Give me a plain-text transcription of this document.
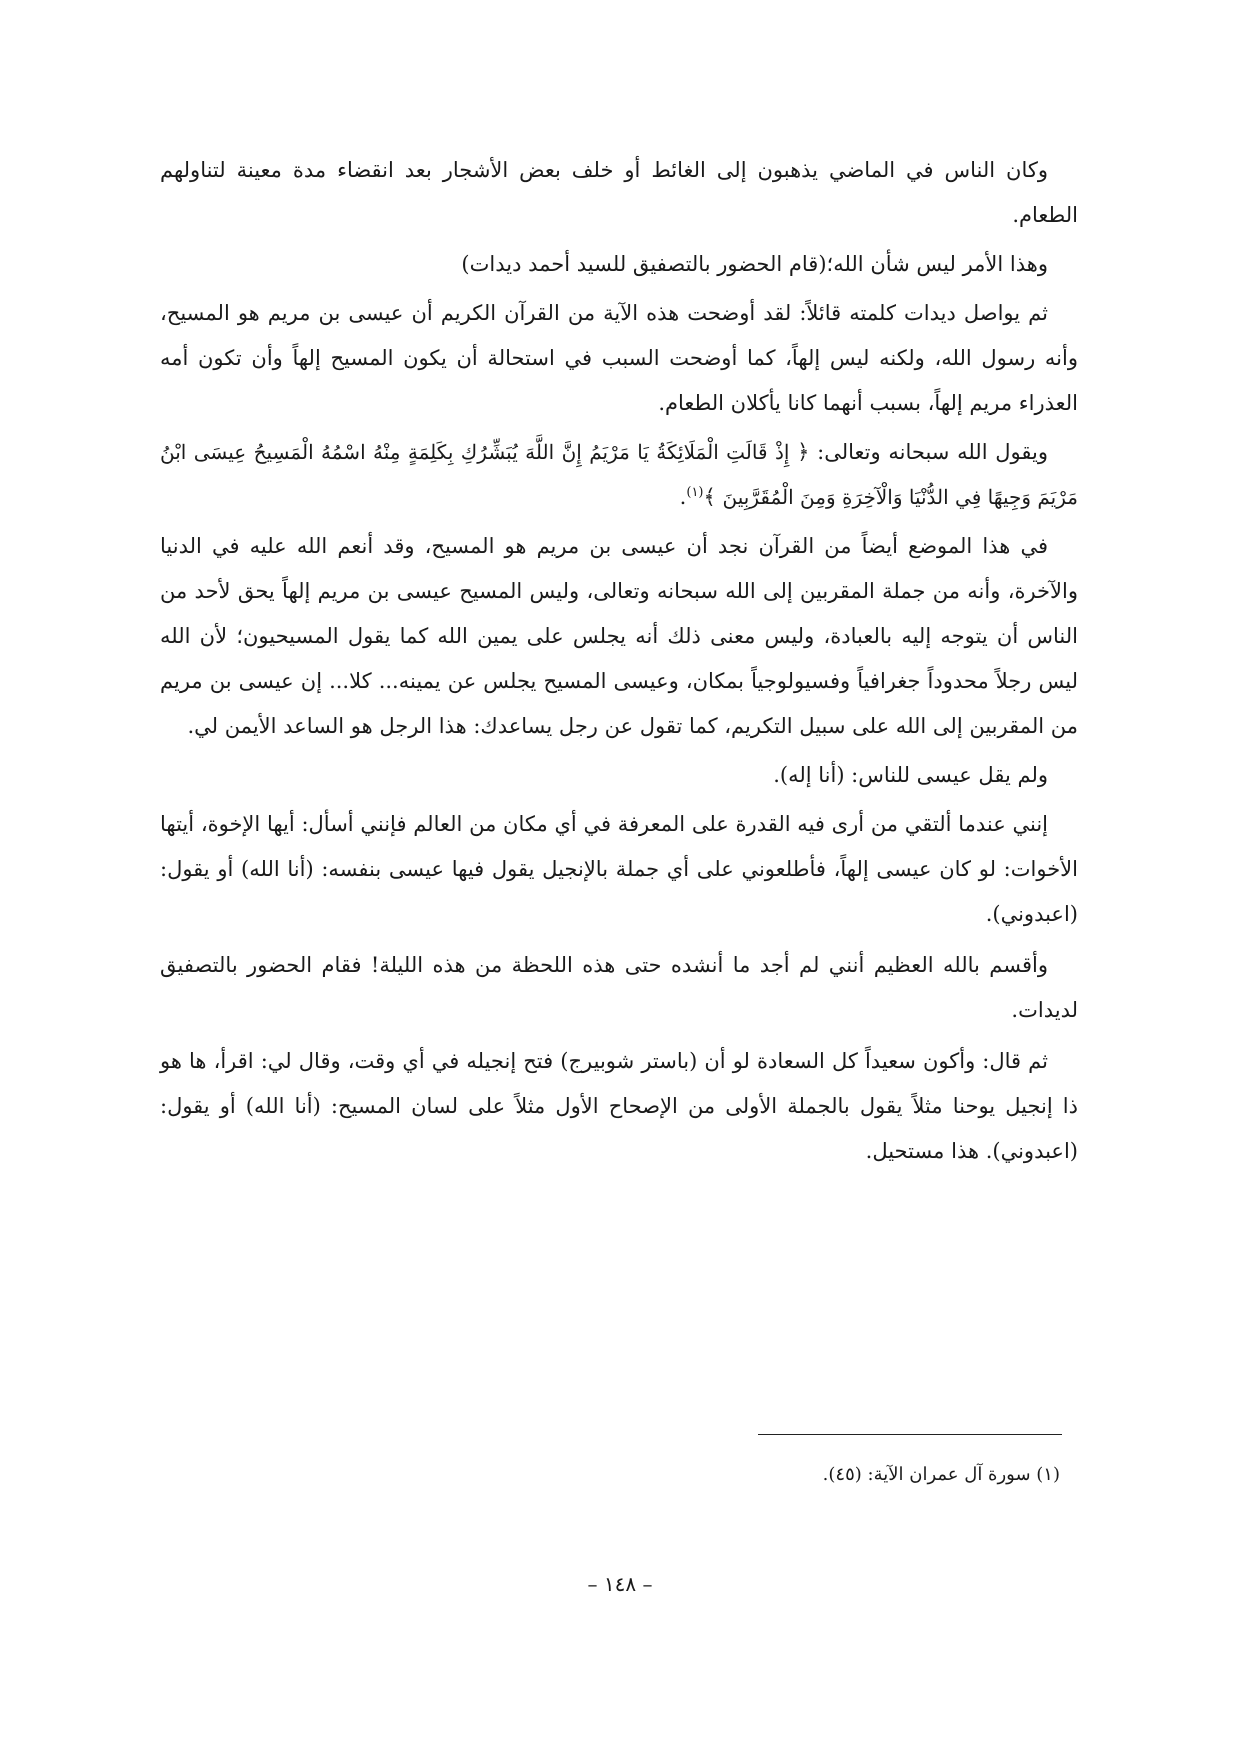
وكان الناس في الماضي يذهبون إلى الغائط أو خلف بعض الأشجار بعد انقضاء مدة معينة لتناولهم الطعام.

وهذا الأمر ليس شأن الله؛(قام الحضور بالتصفيق للسيد أحمد ديدات)

ثم يواصل ديدات كلمته قائلاً: لقد أوضحت هذه الآية من القرآن الكريم أن عيسى بن مريم هو المسيح، وأنه رسول الله، ولكنه ليس إلهاً، كما أوضحت السبب في استحالة أن يكون المسيح إلهاً وأن تكون أمه العذراء مريم إلهاً، بسبب أنهما كانا يأكلان الطعام.

ويقول الله سبحانه وتعالى: ﴿ إِذْ قَالَتِ الْمَلَائِكَةُ يَا مَرْيَمُ إِنَّ اللَّهَ يُبَشِّرُكِ بِكَلِمَةٍ مِنْهُ اسْمُهُ الْمَسِيحُ عِيسَى ابْنُ مَرْيَمَ وَجِيهًا فِي الدُّنْيَا وَالْآخِرَةِ وَمِنَ الْمُقَرَّبِينَ ﴾$^{(١)}$.

في هذا الموضع أيضاً من القرآن نجد أن عيسى بن مريم هو المسيح، وقد أنعم الله عليه في الدنيا والآخرة، وأنه من جملة المقربين إلى الله سبحانه وتعالى، وليس المسيح عيسى بن مريم إلهاً يحق لأحد من الناس أن يتوجه إليه بالعبادة، وليس معنى ذلك أنه يجلس على يمين الله كما يقول المسيحيون؛ لأن الله ليس رجلاً محدوداً جغرافياً وفسيولوجياً بمكان، وعيسى المسيح يجلس عن يمينه... كلا... إن عيسى بن مريم من المقربين إلى الله على سبيل التكريم، كما تقول عن رجل يساعدك: هذا الرجل هو الساعد الأيمن لي.

ولم يقل عيسى للناس: (أنا إله).

إنني عندما ألتقي من أرى فيه القدرة على المعرفة في أي مكان من العالم فإنني أسأل: أيها الإخوة، أيتها الأخوات: لو كان عيسى إلهاً، فأطلعوني على أي جملة بالإنجيل يقول فيها عيسى بنفسه: (أنا الله) أو يقول: (اعبدوني).

وأقسم بالله العظيم أنني لم أجد ما أنشده حتى هذه اللحظة من هذه الليلة! فقام الحضور بالتصفيق لديدات.

ثم قال: وأكون سعيداً كل السعادة لو أن (باستر شوبيرج) فتح إنجيله في أي وقت، وقال لي: اقرأ، ها هو ذا إنجيل يوحنا مثلاً يقول بالجملة الأولى من الإصحاح الأول مثلاً على لسان المسيح: (أنا الله) أو يقول: (اعبدوني). هذا مستحيل.

(١) سورة آل عمران الآية: (٤٥).
– ١٤٨ –
